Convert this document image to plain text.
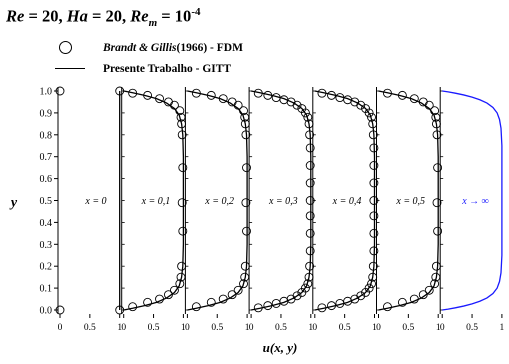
Re = 20, Ha = 20, $Re_m = 10^{-4}$
Brandt & Gillis (1966) - FDM
Presente Trabalho - GITT
y
0.0
0.1
0.2
0.3
0.4
0.5
0.6
0.7
0.8
0.9
1.0
u(x, y)
0 0.5 1
x = 0
0 0.5 1
x = 0,1
0 0.5 1
x = 0,2
0 0.5 1
x = 0,3
0 0.5 1
x = 0,4
0 0.5 1
x = 0,5
0 0.5 1
x → ∞
